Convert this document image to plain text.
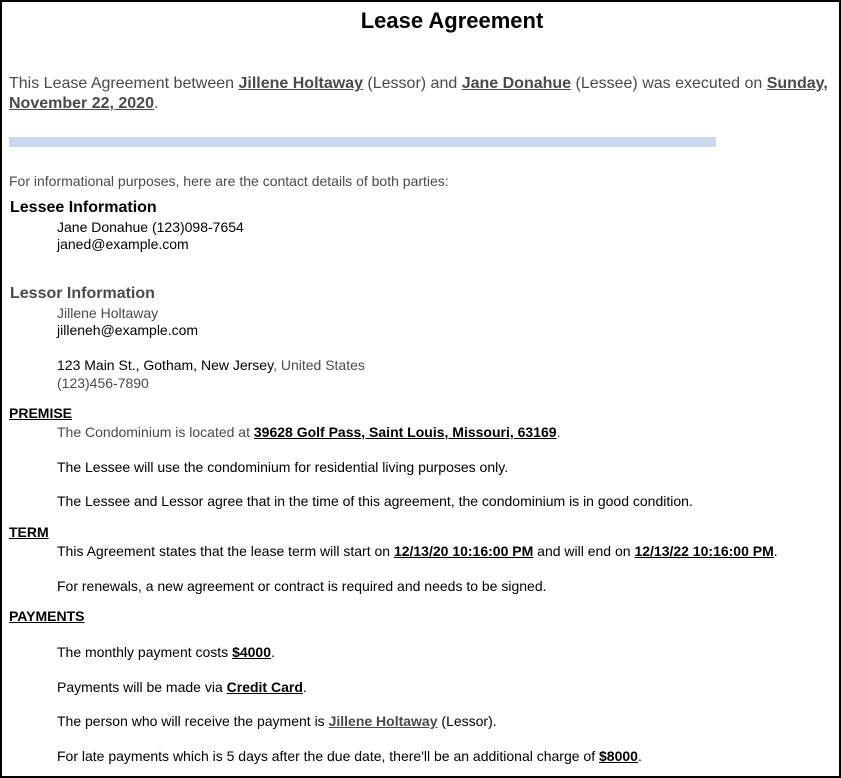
Lease Agreement
This Lease Agreement between Jillene Holtaway (Lessor) and Jane Donahue (Lessee) was executed on Sunday, November 22, 2020.
For informational purposes, here are the contact details of both parties:
Lessee Information
Jane Donahue (123)098-7654
janed@example.com
Lessor Information
Jillene Holtaway
jilleneh@example.com
123 Main St., Gotham, New Jersey, United States
(123)456-7890
PREMISE
The Condominium is located at 39628 Golf Pass, Saint Louis, Missouri, 63169.
The Lessee will use the condominium for residential living purposes only.
The Lessee and Lessor agree that in the time of this agreement, the condominium is in good condition.
TERM
This Agreement states that the lease term will start on 12/13/20 10:16:00 PM and will end on 12/13/22 10:16:00 PM.
For renewals, a new agreement or contract is required and needs to be signed.
PAYMENTS
The monthly payment costs $4000.
Payments will be made via Credit Card.
The person who will receive the payment is Jillene Holtaway (Lessor).
For late payments which is 5 days after the due date, there'll be an additional charge of $8000.
